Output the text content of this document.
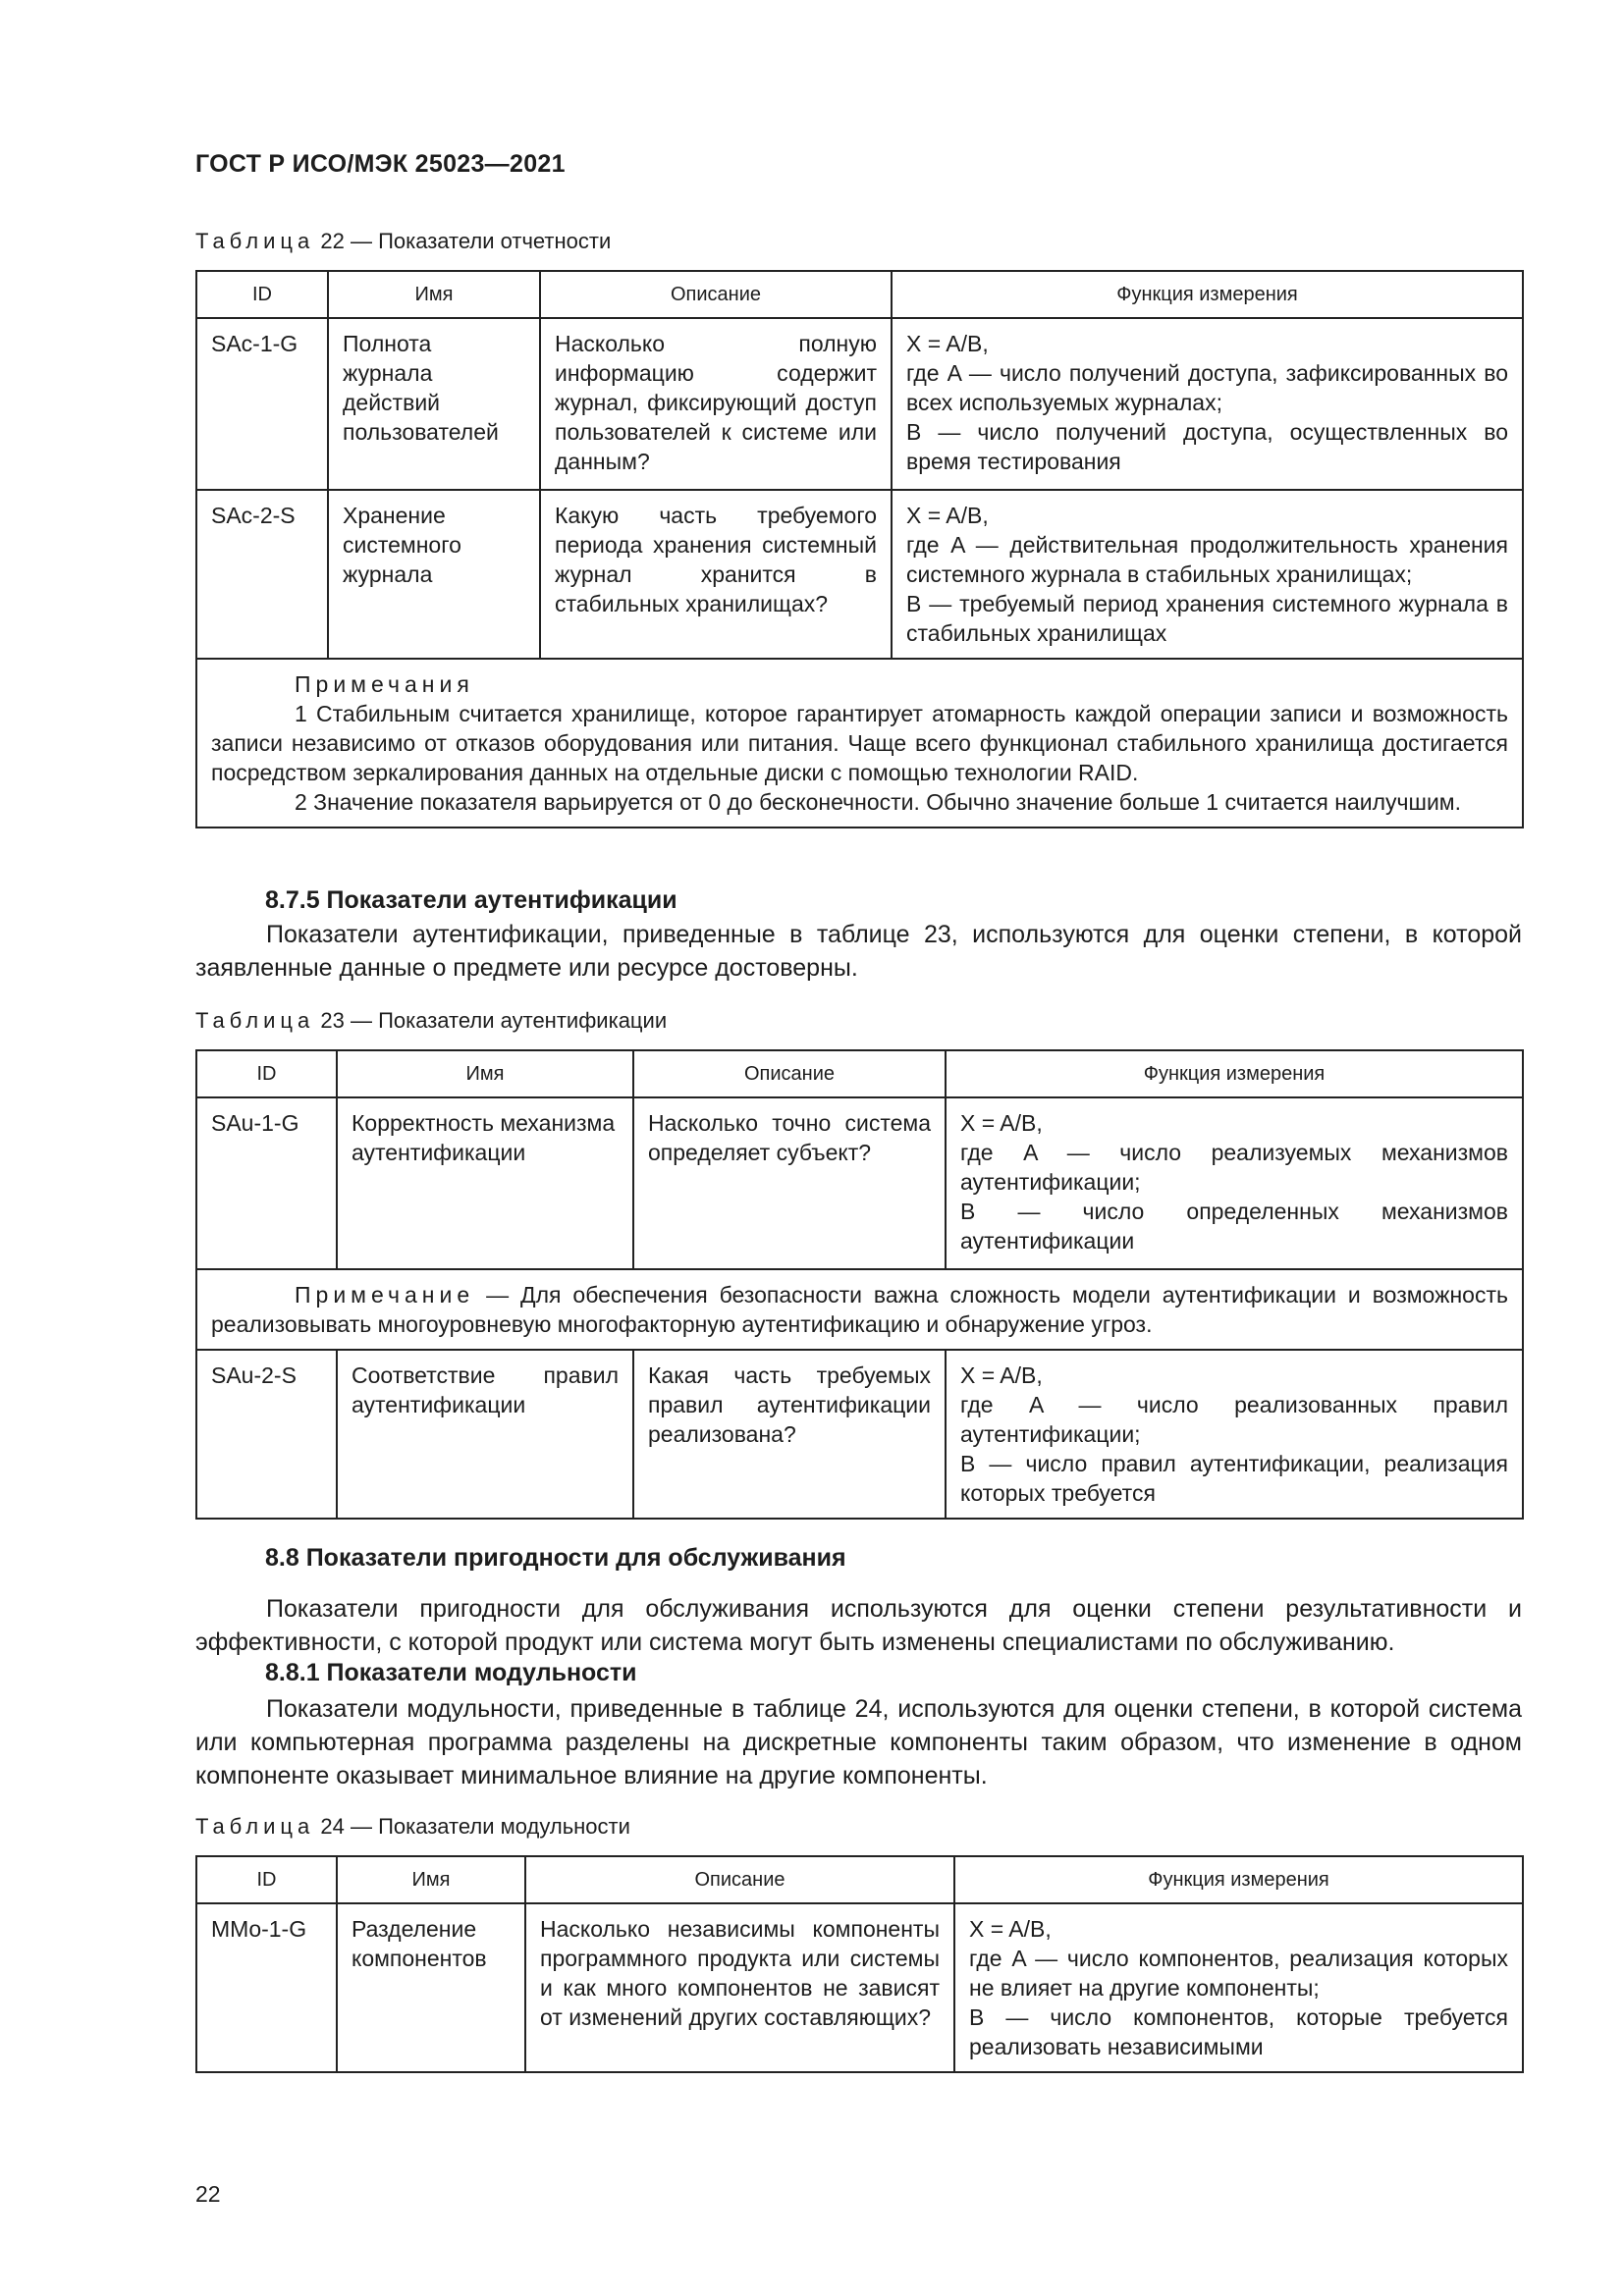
ГОСТ Р ИСО/МЭК 25023—2021
Таблица 22 — Показатели отчетности
ID	Имя	Описание	Функция измерения
SAc-1-G	Полнота журнала действий пользователей	Насколько полную информацию содержит журнал, фиксирующий доступ пользователей к системе или данным?	X = A/B,
где A — число получений доступа, зафиксированных во всех используемых журналах;
B — число получений доступа, осуществленных во время тестирования
SAc-2-S	Хранение системного журнала	Какую часть требуемого периода хранения системный журнал хранится в стабильных хранилищах?	X = A/B,
где A — действительная продолжительность хранения системного журнала в стабильных хранилищах;
B — требуемый период хранения системного журнала в стабильных хранилищах

Примечания
1 Стабильным считается хранилище, которое гарантирует атомарность каждой операции записи и возможность записи независимо от отказов оборудования или питания. Чаще всего функционал стабильного хранилища достигается посредством зеркалирования данных на отдельные диски с помощью технологии RAID.
2 Значение показателя варьируется от 0 до бесконечности. Обычно значение больше 1 считается наилучшим.			
8.7.5 Показатели аутентификации
Показатели аутентификации, приведенные в таблице 23, используются для оценки степени, в которой заявленные данные о предмете или ресурсе достоверны.
Таблица 23 — Показатели аутентификации
ID	Имя	Описание	Функция измерения
SAu-1-G	Корректность механизма аутентификации	Насколько точно система определяет субъект?	X = A/B,
где A — число реализуемых механизмов аутентификации;
B — число определенных механизмов аутентификации

Примечание — Для обеспечения безопасности важна сложность модели аутентификации и возможность реализовывать многоуровневую многофакторную аутентификацию и обнаружение угроз.			

SAu-2-S	Соответствие правил аутентификации	Какая часть требуемых правил аутентификации реализована?	X = A/B,
где A — число реализованных правил аутентификации;
B — число правил аутентификации, реализация которых требуется
8.8 Показатели пригодности для обслуживания
Показатели пригодности для обслуживания используются для оценки степени результативности и эффективности, с которой продукт или система могут быть изменены специалистами по обслуживанию.
8.8.1 Показатели модульности
Показатели модульности, приведенные в таблице 24, используются для оценки степени, в которой система или компьютерная программа разделены на дискретные компоненты таким образом, что изменение в одном компоненте оказывает минимальное влияние на другие компоненты.
Таблица 24 — Показатели модульности
ID	Имя	Описание	Функция измерения
MMo-1-G	Разделение компонентов	Насколько независимы компоненты программного продукта или системы и как много компонентов не зависят от изменений других составляющих?	X = A/B,
где A — число компонентов, реализация которых не влияет на другие компоненты;
B — число компонентов, которые требуется реализовать независимыми
22
